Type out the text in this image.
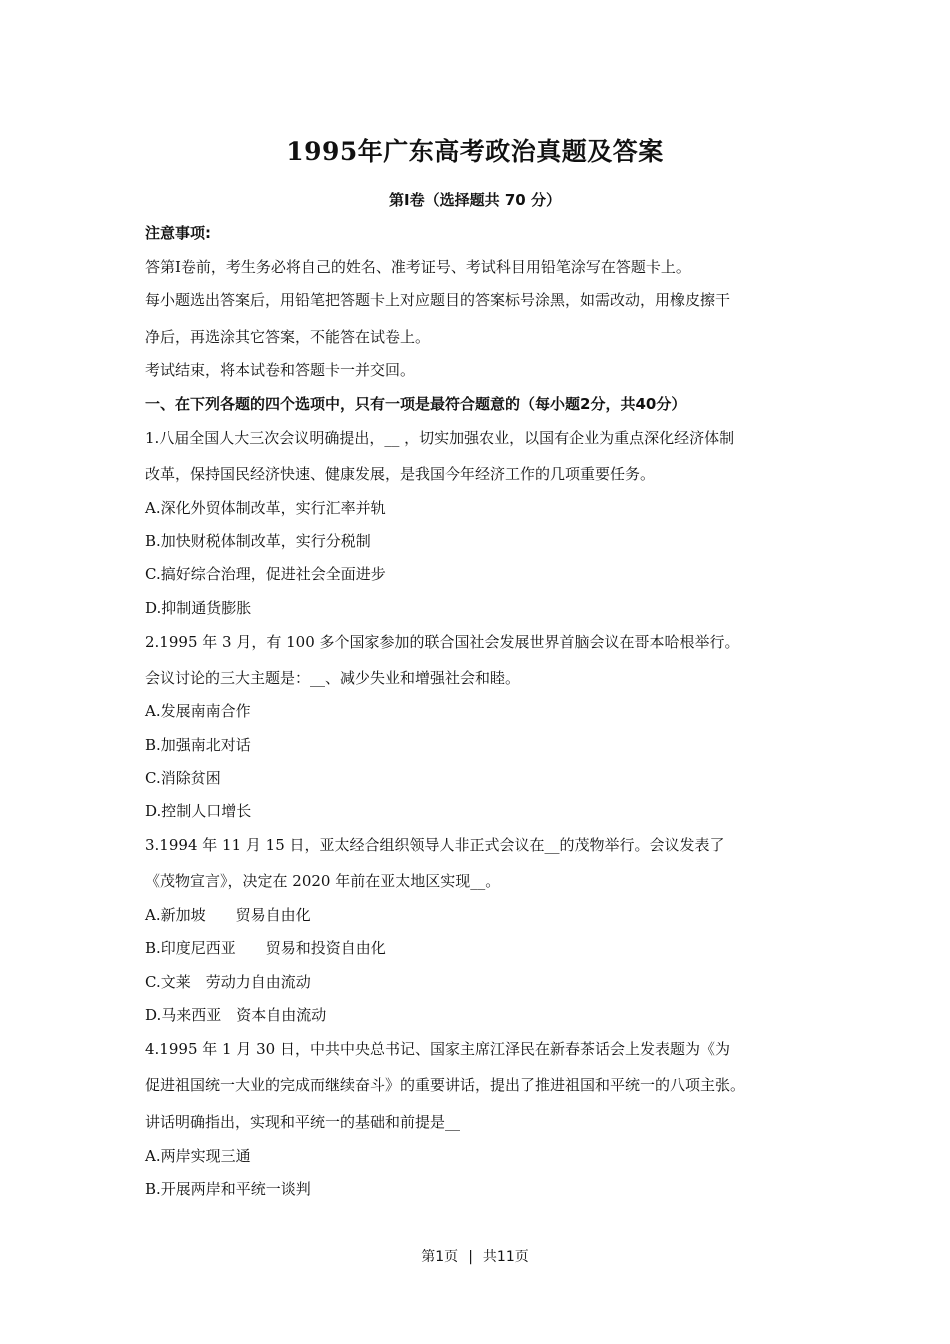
1995年广东高考政治真题及答案
第Ⅰ卷（选择题共 70 分）
注意事项:
答第Ⅰ卷前，考生务必将自己的姓名、准考证号、考试科目用铅笔涂写在答题卡上。
每小题选出答案后，用铅笔把答题卡上对应题目的答案标号涂黑，如需改动，用橡皮擦干
净后，再选涂其它答案，不能答在试卷上。
考试结束，将本试卷和答题卡一并交回。
一、在下列各题的四个选项中，只有一项是最符合题意的（每小题2分，共40分）
1.八届全国人大三次会议明确提出，__ ，切实加强农业，以国有企业为重点深化经济体制
改革，保持国民经济快速、健康发展，是我国今年经济工作的几项重要任务。
A.深化外贸体制改革，实行汇率并轨
B.加快财税体制改革，实行分税制
C.搞好综合治理，促进社会全面进步
D.抑制通货膨胀
2.1995 年 3 月，有 100 多个国家参加的联合国社会发展世界首脑会议在哥本哈根举行。
会议讨论的三大主题是：__、减少失业和增强社会和睦。
A.发展南南合作
B.加强南北对话
C.消除贫困
D.控制人口增长
3.1994 年 11 月 15 日，亚太经合组织领导人非正式会议在__的茂物举行。会议发表了
《茂物宣言》，决定在 2020 年前在亚太地区实现__。
A.新加坡　　贸易自由化
B.印度尼西亚　　贸易和投资自由化
C.文莱　劳动力自由流动
D.马来西亚　资本自由流动
4.1995 年 1 月 30 日，中共中央总书记、国家主席江泽民在新春茶话会上发表题为《为
促进祖国统一大业的完成而继续奋斗》的重要讲话，提出了推进祖国和平统一的八项主张。
讲话明确指出，实现和平统一的基础和前提是__
A.两岸实现三通
B.开展两岸和平统一谈判
第1页 | 共11页
